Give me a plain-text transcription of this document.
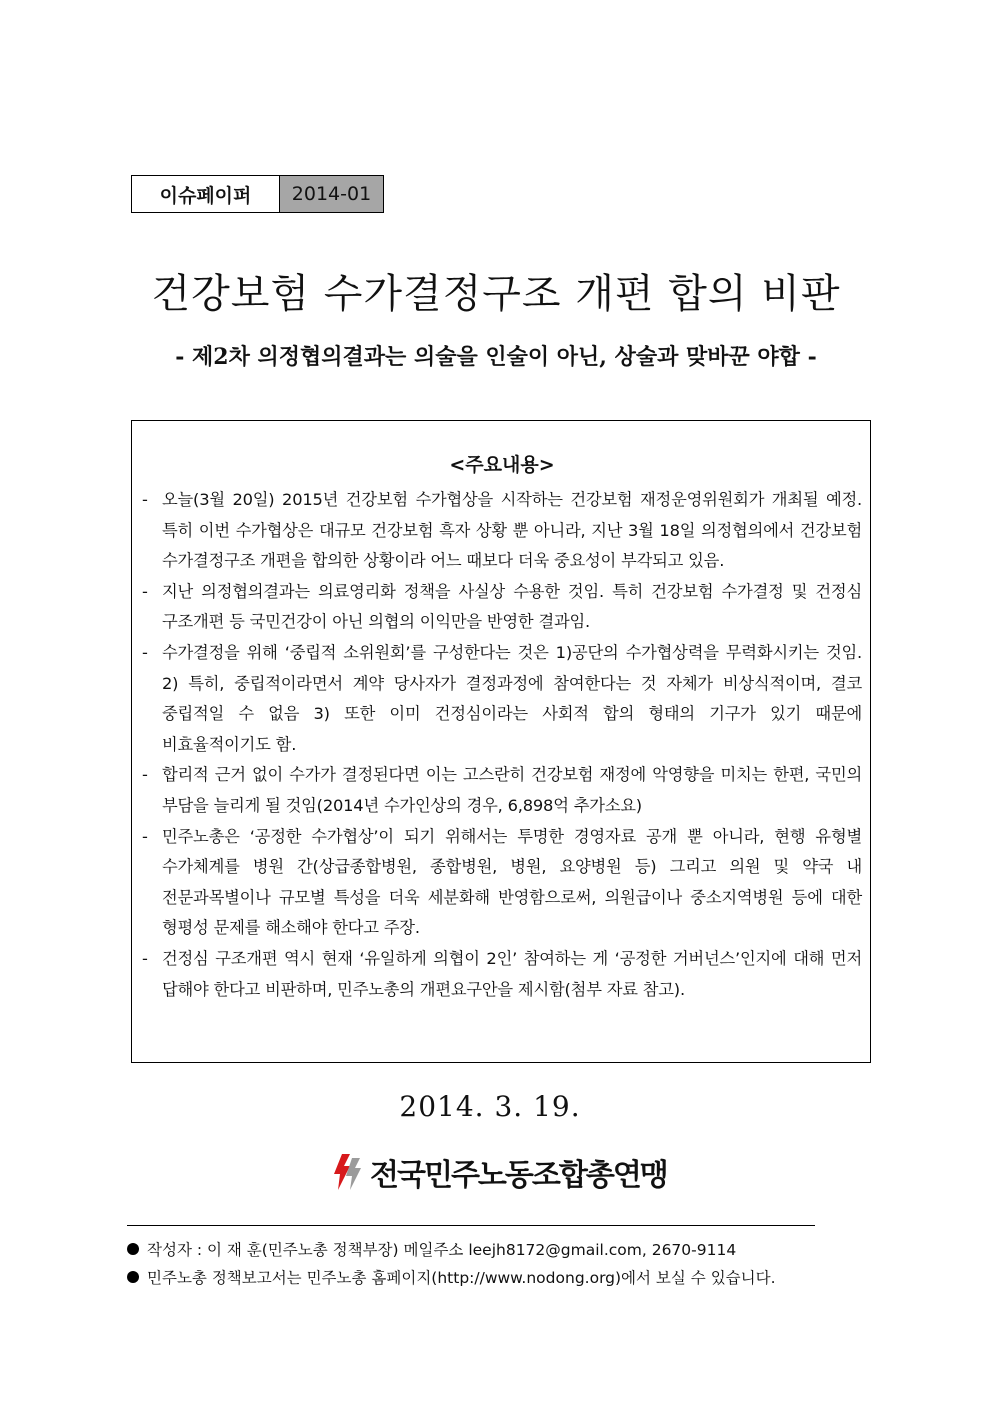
이슈페이퍼	2014-01
건강보험 수가결정구조 개편 합의 비판
- 제2차 의정협의결과는 의술을 인술이 아닌, 상술과 맞바꾼 야합 -
<주요내용>
- 오늘(3월 20일) 2015년 건강보험 수가협상을 시작하는 건강보험 재정운영위원회가 개최될 예정. 특히 이번 수가협상은 대규모 건강보험 흑자 상황 뿐 아니라, 지난 3월 18일 의정협의에서 건강보험 수가결정구조 개편을 합의한 상황이라 어느 때보다 더욱 중요성이 부각되고 있음.
- 지난 의정협의결과는 의료영리화 정책을 사실상 수용한 것임. 특히 건강보험 수가결정 및 건정심 구조개편 등 국민건강이 아닌 의협의 이익만을 반영한 결과임.
- 수가결정을 위해 ‘중립적 소위원회’를 구성한다는 것은 1)공단의 수가협상력을 무력화시키는 것임. 2) 특히, 중립적이라면서 계약 당사자가 결정과정에 참여한다는 것 자체가 비상식적이며, 결코 중립적일 수 없음 3) 또한 이미 건정심이라는 사회적 합의 형태의 기구가 있기 때문에 비효율적이기도 함.
- 합리적 근거 없이 수가가 결정된다면 이는 고스란히 건강보험 재정에 악영향을 미치는 한편, 국민의 부담을 늘리게 될 것임(2014년 수가인상의 경우, 6,898억 추가소요)
- 민주노총은 ‘공정한 수가협상’이 되기 위해서는 투명한 경영자료 공개 뿐 아니라, 현행 유형별 수가체계를 병원 간(상급종합병원, 종합병원, 병원, 요양병원 등) 그리고 의원 및 약국 내 전문과목별이나 규모별 특성을 더욱 세분화해 반영함으로써, 의원급이나 중소지역병원 등에 대한 형평성 문제를 해소해야 한다고 주장.
- 건정심 구조개편 역시 현재 ‘유일하게 의협이 2인’ 참여하는 게 ‘공정한 거버넌스’인지에 대해 먼저 답해야 한다고 비판하며, 민주노총의 개편요구안을 제시함(첨부 자료 참고).
2014. 3. 19.
전국민주노동조합총연맹
작성자 : 이 재 훈(민주노총 정책부장) 메일주소 leejh8172@gmail.com, 2670-9114
민주노총 정책보고서는 민주노총 홈페이지(http://www.nodong.org)에서 보실 수 있습니다.
